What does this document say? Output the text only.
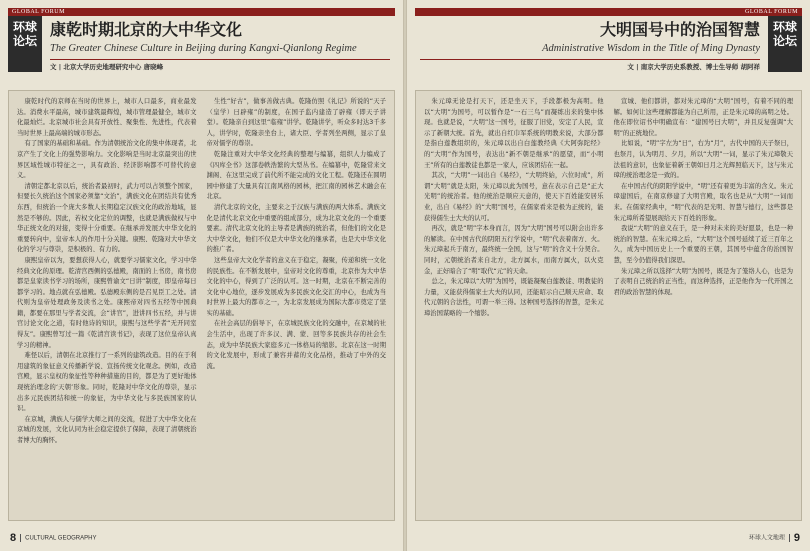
GLOBAL FORUM
环球论坛
康乾时期北京的大中华文化
The Greater Chinese Culture in Beijing during Kangxi-Qianlong Regime
文 | 北京大学历史地理研究中心 唐晓峰

康乾时代的京师在当时的世界上，城市人口最多，商业最发达。消费水平最高，城市建筑最辉煌，城市管理最健全，城市文化最灿烂。北京城市社会具有开放性、聚集性、先进性，代表着当时世界上最高端的城市形态。

有了国家的基础和基础。作为清朝统治文化的集中体现者，北京产生了文化上的强势影响力。文化影响是当时北京最突出的世界区域性城市特征之一，具有政治、经济影响都不可替代的意义。

清朝定都北京以后，统治者最初时，武力可以占领整个国家，但要长久统治这个国家必须靠“文治”，满族文化在团结共有优秀东西，但统治一个庞大多数人长期稳定汉族文化的政治地域，显然是不够的。因此，若权文化定位的调整，也就是满族做权与中华正统文化的对接，变得十分重要。在继承并发展大中华文化的重要转向中，皇帝本人的作用十分关键。康熙、乾隆对大中华文化的学习与尊崇，是积极的、有力的。

康熙皇帝以为，要想获得人心，就要学习儒家文化，学习中华经典文化的原理。乾清宫西侧的弘德殿，南面的上书房，南书房都是皇家读书学习的场所，康熙曾谕文“日讲”制度，即皇帝每日都学习的。地点就在弘德殿。弘德殿东侧的是召见臣工之处。清代则为皇帝处理政务及读书之处。康熙帝对四书五经等中国典籍，都要在那里与学者交流，会“讲官”，进讲四书五经，并与讲官讨论文化之道，有时他诗的知识，康熙与这些学者“无开同室得友”。康熙曾写过一篇《乾清宫读书记》，表现了这位皇帝认真学习的精神。

难怪以后，清朝在北京推行了一系列的建筑改造。目的在于利用建筑的象征意义传播新学说、宣扬传统文化观念。例如，改造宫殿，显示皇权的象征性等种种措施的目的，都是为了更好地体现统治理念的‘天朝’形象。同时，乾隆对中华文化的尊崇，显示出多元民族团结和统一的象征，为中华文化与多民族国家的认识。

在京城，满族人与儒学大师之间的交流，促进了大中华文化在京城的发展，文化认同为社会稳定提供了保障，表现了清朝统治者博大的胸怀。

生性“好古”，做事善做古典。乾隆仿照《礼记》所说的“天子（皇学）曰辟雍”的制度，在国子监内建造了辟雍（即天子讲堂）。乾隆亲自到这里“临雍”讲学。乾隆讲学，听众多时达3千多人，讲学时，乾隆亲坐台上，诸大臣、学者列坐两侧，显示了皇帝对儒学的尊崇。

乾隆注重对大中华文化经典的整理与编纂，组织人力编成了《四库全书》这部卷帙浩繁的大型丛书。在编纂中，乾隆常来文渊阁、在这里完成了前代所不能完成的文化工程。乾隆还在圆明园中修建了大量具有江南风格的园林，把江南的园林艺术融会在北京。

清代北京的文化，主要来之于汉族与满族的两大体系。满族文化是清代北京文化中重要的组成部分，成为北京文化的一个重要要素。清代北京文化的主导者是满族的统治者，但他们的文化是大中华文化，他们不仅是大中华文化的继承者，也是大中华文化的推广者。

这些皇帝大文化学者的意义在于稳定，凝聚，传递和统一文化的民族性。在不断发展中，皇帝对文化的尊重，北京作为大中华文化的中心，得到了广泛的认可。这一时期，北京在不断完善的文化中心地位，逐步发展成为多民族文化交汇的中心，也成为当时世界上最大的都市之一，为北京发展成为国际大都市奠定了坚实的基础。

在社会高层的倡导下，在京城民族文化的交融中，在京城的社会生活中，出现了许多汉、满、蒙、回等多民族共存的社会生态，成为中华民族大家庭多元一体格局的缩影。北京在这一时期的文化发展中，形成了兼容并蓄的文化品格，推动了中外的交流。

8 CULTURAL GEOGRAPHY
GLOBAL FORUM
环球论坛
大明国号中的治国智慧
Administrative Wisdom in the Title of Ming Dynasty
文 | 南京大学历史系教授、博士生导师 胡阿祥

朱元璋无论是打天下，还是坐天下，手段都极为高明。他以“大明”为国号，可以暂作是“一石三鸟”而凝练出来的集中体现。也就是说，“大明”这一国号，征服了旧党，安定了人民，宣示了新朝大统。首先，就出自红巾军系统的明教来说，大部分都是指白莲教组织的，朱元璋以出自白莲教经典《大阿弥陀经》的“大明”作为国号，表达出“新不朝是继承”的愿望，而“小明王”所有的白莲教徒也都是一家人，应该团结在一起。

其次，“大明”一词出自《易经》，“大明终始，六位时成”，所谓“大明”就是太阳，朱元璋以此为国号，意在表示自己是“正大光明”的统治者。他的统治是顺应天意的，使天下百姓能安居乐业，出自《易经》的“大明”国号，在儒家看来是极为正统的，能获得儒生士大夫的认可。

再次，就是“明”字本身而言，因为“大明”国号可以附会出许多的解读。在中国古代的阴阳五行学说中，“明”代表着南方、火。朱元璋起兵于南方，最终统一全国，这与“明”的含义十分契合。同时，元朝统治者来自北方，北方属水，而南方属火，以火克金，正好暗合了“明”取代“元”的天命。

总之，朱元璋以“大明”为国号，既能凝聚白莲教徒、明教徒的力量，又能获得儒家士大夫的认同，还能昭示自己顺天应命、取代元朝的合法性，可谓一举三得。这种国号选择的智慧，是朱元璋治国谋略的一个缩影。

宣城、他们都讲，都对朱元璋的“大明”国号，有着不同的理解。如何让这些理解都能为自己所用，正是朱元璋的高明之处。他在即位诏书中明确宣布：“建国号曰大明”，并且反复强调“大明”的正统地位。

比如说，“明”字左为“日”，右为“月”，古代中国的天子祭日，也祭月，认为明月、夕月，所以“大明”一词，显示了朱元璋敬天法祖的意识，也象征着新王朝如日月之光辉照临天下，这与朱元璋的统治理念是一致的。

在中国古代的阴阳学说中，“明”还有着更为丰富的含义。朱元璋建国后，在南京修建了大明宫殿，取名也是从“大明”一词而来。在儒家经典中，“明”代表的是光明、智慧与德行，这些都是朱元璋所希望展现给天下百姓的形象。

我说“大明”的意义在于，是一种对未来的美好愿景，也是一种统治的智慧。在朱元璋之后，“大明”这个国号延续了近三百年之久，成为中国历史上一个重要的王朝，其国号中蕴含的治国智慧，至今仍值得我们深思。

朱元璋之所以选择“大明”为国号，既是为了笼络人心，也是为了表明自己统治的正当性，而这种选择，正是他作为一代开国之君的政治智慧的体现。

环球人文地理 9
